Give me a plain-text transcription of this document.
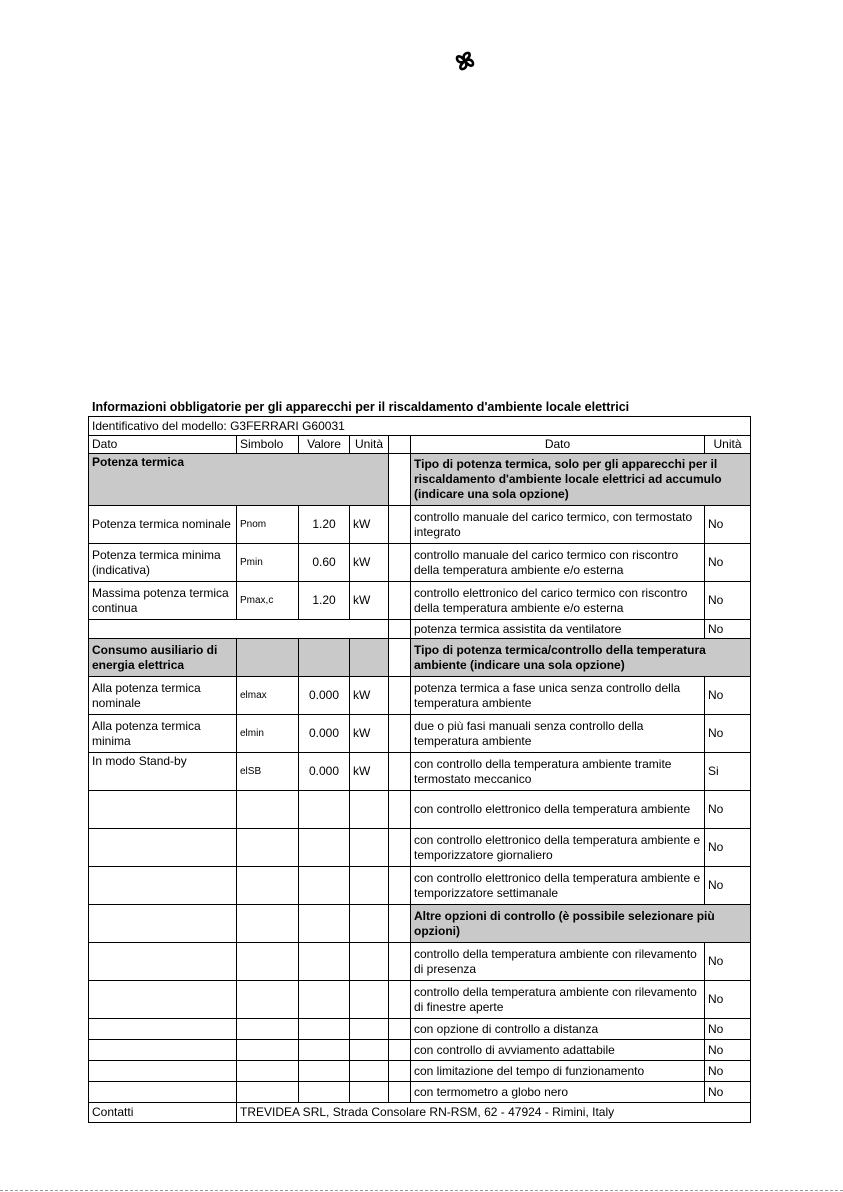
Informazioni obbligatorie per gli apparecchi per il riscaldamento d'ambiente locale elettrici
Identificativo del modello: G3FERRARI G60031						
Dato	Simbolo	Valore	Unità		Dato	Unità
Potenza termica					Tipo di potenza termica, solo per gli apparecchi per il riscaldamento d'ambiente locale elettrici ad accumulo (indicare una sola opzione)	
Potenza termica nominale	Pnom	1.20	kW		controllo manuale del carico termico, con termostato integrato	No
Potenza termica minima (indicativa)	Pmin	0.60	kW		controllo manuale del carico termico con riscontro della temperatura ambiente e/o esterna	No
Massima potenza termica continua	Pmax,c	1.20	kW		controllo elettronico del carico termico con riscontro della temperatura ambiente e/o esterna	No
					potenza termica assistita da ventilatore	No
Consumo ausiliario di energia elettrica					Tipo di potenza termica/controllo della temperatura ambiente (indicare una sola opzione)	
Alla potenza termica nominale	elmax	0.000	kW		potenza termica a fase unica senza controllo della temperatura ambiente	No
Alla potenza termica minima	elmin	0.000	kW		due o più fasi manuali senza controllo della temperatura ambiente	No
In modo Stand-by	elSB	0.000	kW		con controllo della temperatura ambiente tramite termostato meccanico	Si
					con controllo elettronico della temperatura ambiente	No
					con controllo elettronico della temperatura ambiente e temporizzatore giornaliero	No
					con controllo elettronico della temperatura ambiente e temporizzatore settimanale	No
					Altre opzioni di controllo (è possibile selezionare più opzioni)	
					controllo della temperatura ambiente con rilevamento di presenza	No
					controllo della temperatura ambiente con rilevamento di finestre aperte	No
					con opzione di controllo a distanza	No
					con controllo di avviamento adattabile	No
					con limitazione del tempo di funzionamento	No
					con termometro a globo nero	No
Contatti	TREVIDEA SRL, Strada Consolare RN-RSM, 62 - 47924 - Rimini, Italy					
